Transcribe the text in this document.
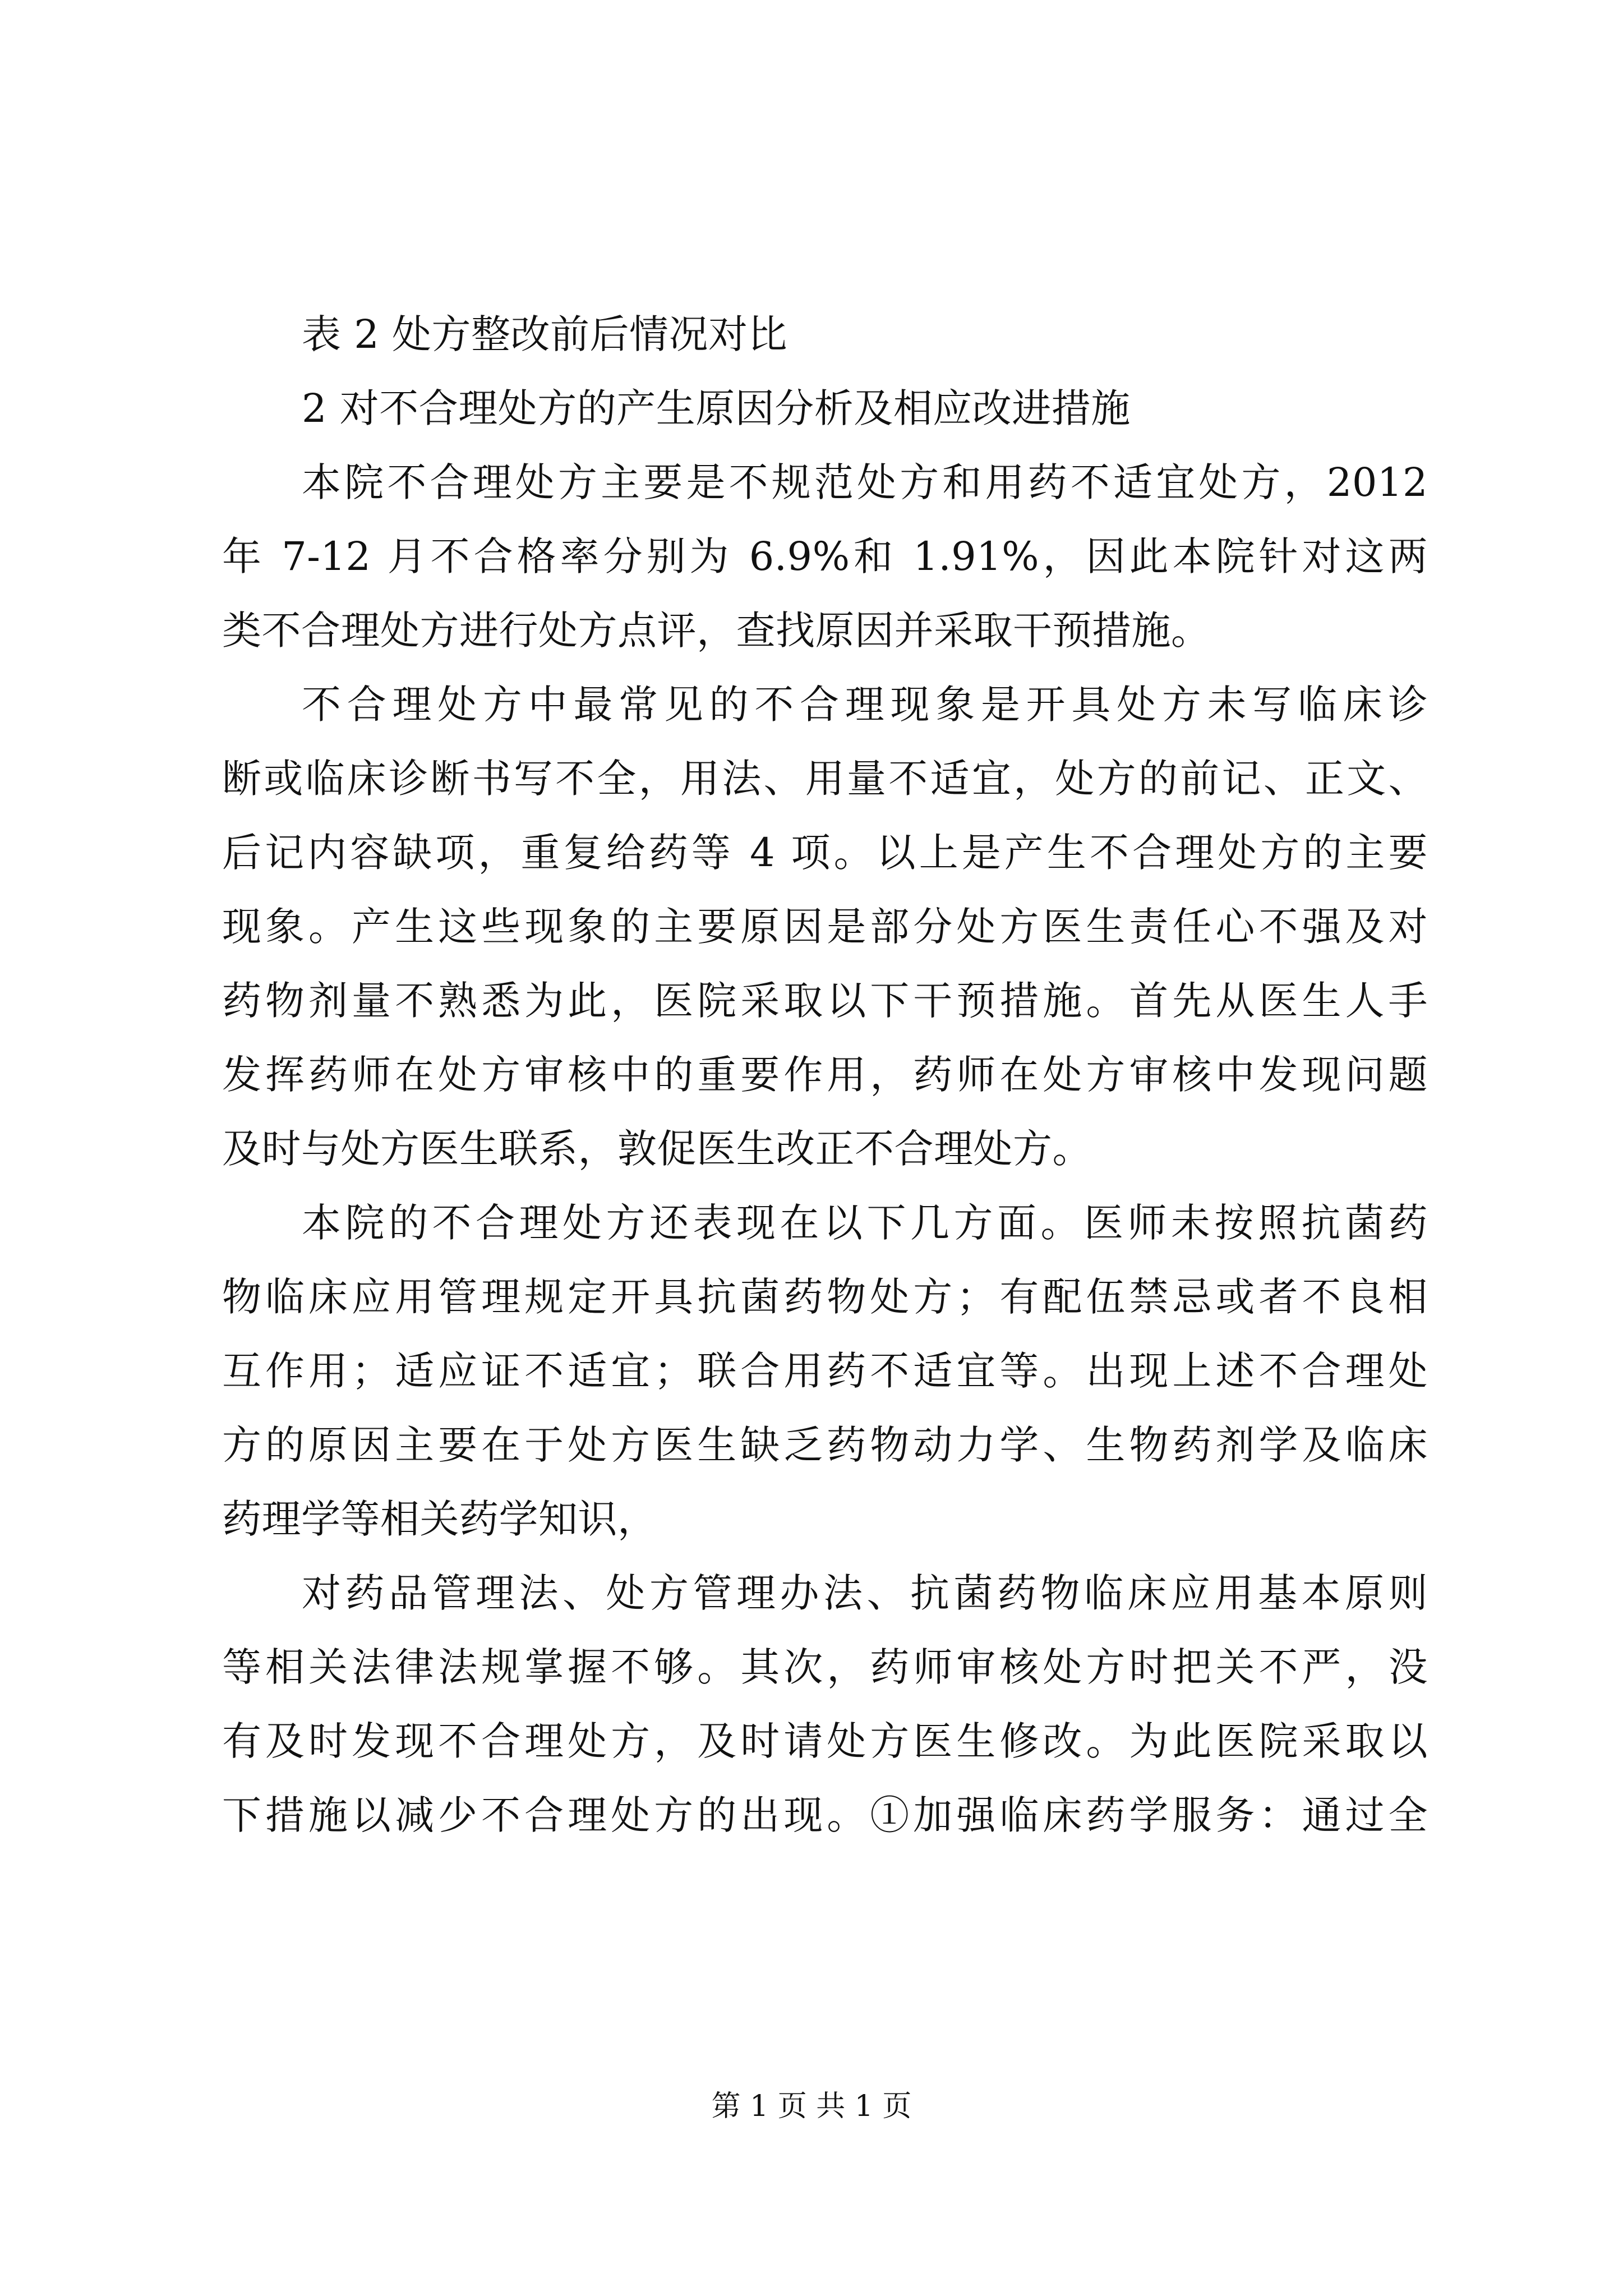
表 2 处方整改前后情况对比

2 对不合理处方的产生原因分析及相应改进措施

本院不合理处方主要是不规范处方和用药不适宜处方，2012

年 7-12 月不合格率分别为 6.9%和 1.91%，因此本院针对这两

类不合理处方进行处方点评，查找原因并采取干预措施。

不合理处方中最常见的不合理现象是开具处方未写临床诊

断或临床诊断书写不全，用法、用量不适宜，处方的前记、正文、

后记内容缺项，重复给药等 4 项。以上是产生不合理处方的主要

现象。产生这些现象的主要原因是部分处方医生责任心不强及对

药物剂量不熟悉为此，医院采取以下干预措施。首先从医生人手

发挥药师在处方审核中的重要作用，药师在处方审核中发现问题

及时与处方医生联系，敦促医生改正不合理处方。

本院的不合理处方还表现在以下几方面。医师未按照抗菌药

物临床应用管理规定开具抗菌药物处方；有配伍禁忌或者不良相

互作用；适应证不适宜；联合用药不适宜等。出现上述不合理处

方的原因主要在于处方医生缺乏药物动力学、生物药剂学及临床

药理学等相关药学知识，

对药品管理法、处方管理办法、抗菌药物临床应用基本原则

等相关法律法规掌握不够。其次，药师审核处方时把关不严，没

有及时发现不合理处方，及时请处方医生修改。为此医院采取以

下措施以减少不合理处方的出现。①加强临床药学服务：通过全

第 1 页 共 1 页
